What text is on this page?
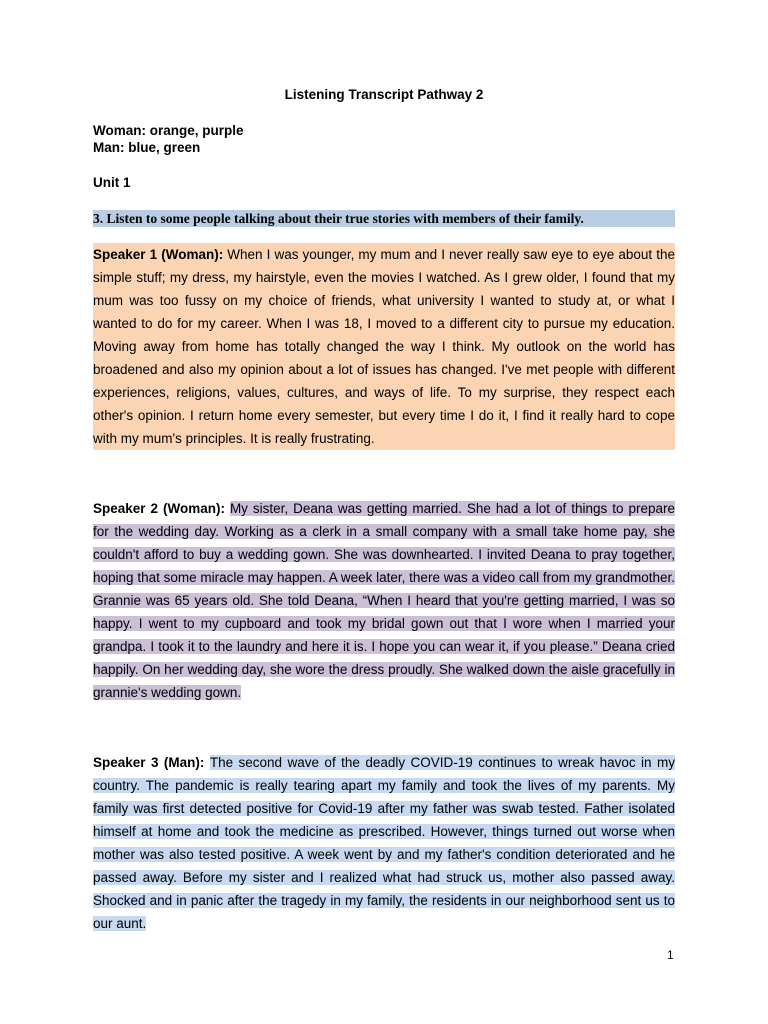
Listening Transcript Pathway 2
Woman: orange, purple
Man: blue, green
Unit 1
3. Listen to some people talking about their true stories with members of their family.
Speaker 1 (Woman): When I was younger, my mum and I never really saw eye to eye about the simple stuff; my dress, my hairstyle, even the movies I watched. As I grew older, I found that my mum was too fussy on my choice of friends, what university I wanted to study at, or what I wanted to do for my career. When I was 18, I moved to a different city to pursue my education. Moving away from home has totally changed the way I think. My outlook on the world has broadened and also my opinion about a lot of issues has changed. I've met people with different experiences, religions, values, cultures, and ways of life. To my surprise, they respect each other's opinion. I return home every semester, but every time I do it, I find it really hard to cope with my mum's principles. It is really frustrating.
Speaker 2 (Woman): My sister, Deana was getting married. She had a lot of things to prepare for the wedding day. Working as a clerk in a small company with a small take home pay, she couldn't afford to buy a wedding gown. She was downhearted. I invited Deana to pray together, hoping that some miracle may happen. A week later, there was a video call from my grandmother. Grannie was 65 years old. She told Deana, “When I heard that you're getting married, I was so happy. I went to my cupboard and took my bridal gown out that I wore when I married your grandpa. I took it to the laundry and here it is. I hope you can wear it, if you please.” Deana cried happily. On her wedding day, she wore the dress proudly. She walked down the aisle gracefully in grannie's wedding gown.
Speaker 3 (Man): The second wave of the deadly COVID-19 continues to wreak havoc in my country. The pandemic is really tearing apart my family and took the lives of my parents. My family was first detected positive for Covid-19 after my father was swab tested. Father isolated himself at home and took the medicine as prescribed. However, things turned out worse when mother was also tested positive. A week went by and my father's condition deteriorated and he passed away. Before my sister and I realized what had struck us, mother also passed away. Shocked and in panic after the tragedy in my family, the residents in our neighborhood sent us to our aunt.
1
